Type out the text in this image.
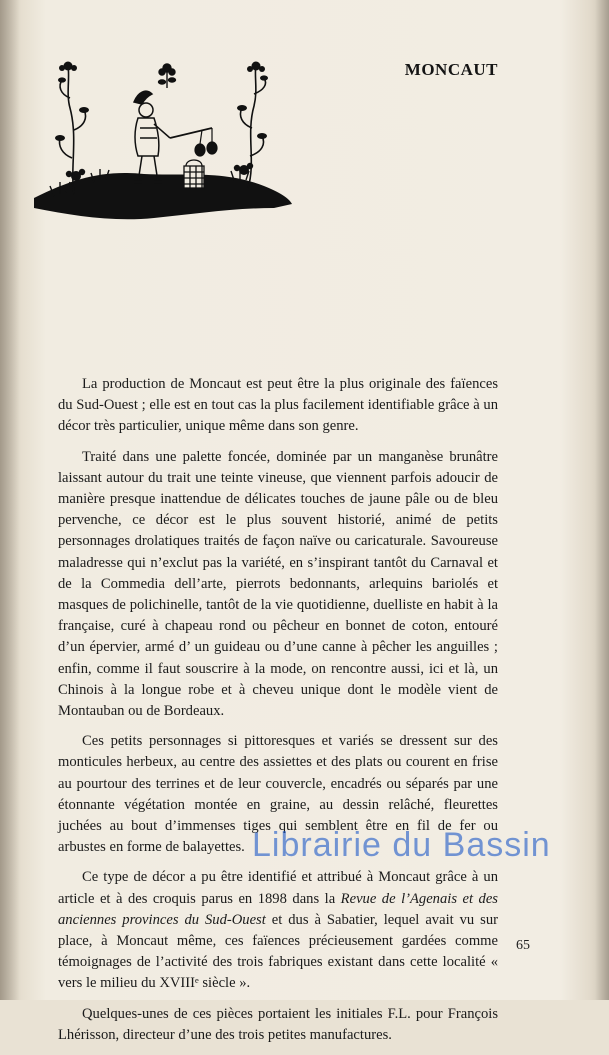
MONCAUT

La production de Moncaut est peut être la plus originale des faïences du Sud-Ouest ; elle est en tout cas la plus facilement identifiable grâce à un décor très particulier, unique même dans son genre.

Traité dans une palette foncée, dominée par un manganèse brunâtre laissant autour du trait une teinte vineuse, que viennent parfois adoucir de manière presque inattendue de délicates touches de jaune pâle ou de bleu pervenche, ce décor est le plus souvent historié, animé de petits personnages drolatiques traités de façon naïve ou caricaturale. Savoureuse maladresse qui n’exclut pas la variété, en s’inspirant tantôt du Carnaval et de la Commedia dell’arte, pierrots bedonnants, arlequins bariolés et masques de polichinelle, tantôt de la vie quotidienne, duelliste en habit à la française, curé à chapeau rond ou pêcheur en bonnet de coton, entouré d’un épervier, armé d’ un guideau ou d’une canne à pêcher les anguilles ; enfin, comme il faut souscrire à la mode, on rencontre aussi, ici et là, un Chinois à la longue robe et à cheveu unique dont le modèle vient de Montauban ou de Bordeaux.

Ces petits personnages si pittoresques et variés se dressent sur des monticules herbeux, au centre des assiettes et des plats ou courent en frise au pourtour des terrines et de leur couvercle, encadrés ou séparés par une étonnante végétation montée en graine, au dessin relâché, fleurettes juchées au bout d’immenses tiges qui semblent être en fil de fer ou arbustes en forme de balayettes.

Ce type de décor a pu être identifié et attribué à Moncaut grâce à un article et à des croquis parus en 1898 dans la Revue de l’Agenais et des anciennes provinces du Sud-Ouest et dus à Sabatier, lequel avait vu sur place, à Moncaut même, ces faïences précieusement gardées comme témoignages de l’activité des trois fabriques existant dans cette localité « vers le milieu du XVIIIᵉ siècle ».

Quelques-unes de ces pièces portaient les initiales F.L. pour François Lhérisson, directeur d’une des trois petites manufactures.

65
Librairie du Bassin
